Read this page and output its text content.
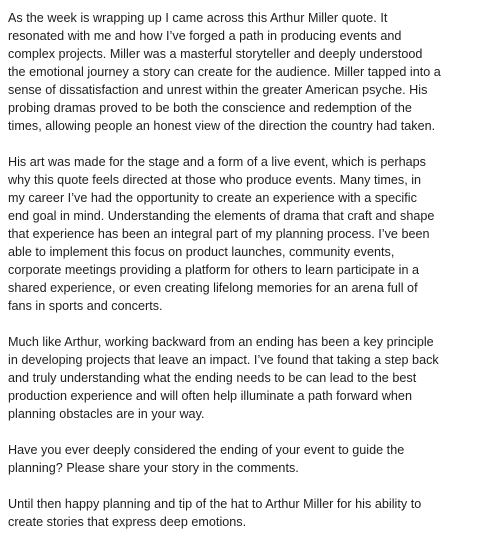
As the week is wrapping up I came across this Arthur Miller quote. It
resonated with me and how I’ve forged a path in producing events and
complex projects. Miller was a masterful storyteller and deeply understood
the emotional journey a story can create for the audience. Miller tapped into a
sense of dissatisfaction and unrest within the greater American psyche. His
probing dramas proved to be both the conscience and redemption of the
times, allowing people an honest view of the direction the country had taken.

His art was made for the stage and a form of a live event, which is perhaps
why this quote feels directed at those who produce events. Many times, in
my career I’ve had the opportunity to create an experience with a specific
end goal in mind. Understanding the elements of drama that craft and shape
that experience has been an integral part of my planning process. I’ve been
able to implement this focus on product launches, community events,
corporate meetings providing a platform for others to learn participate in a
shared experience, or even creating lifelong memories for an arena full of
fans in sports and concerts.

Much like Arthur, working backward from an ending has been a key principle
in developing projects that leave an impact. I’ve found that taking a step back
and truly understanding what the ending needs to be can lead to the best
production experience and will often help illuminate a path forward when
planning obstacles are in your way.

Have you ever deeply considered the ending of your event to guide the
planning? Please share your story in the comments.

Until then happy planning and tip of the hat to Arthur Miller for his ability to
create stories that express deep emotions.
